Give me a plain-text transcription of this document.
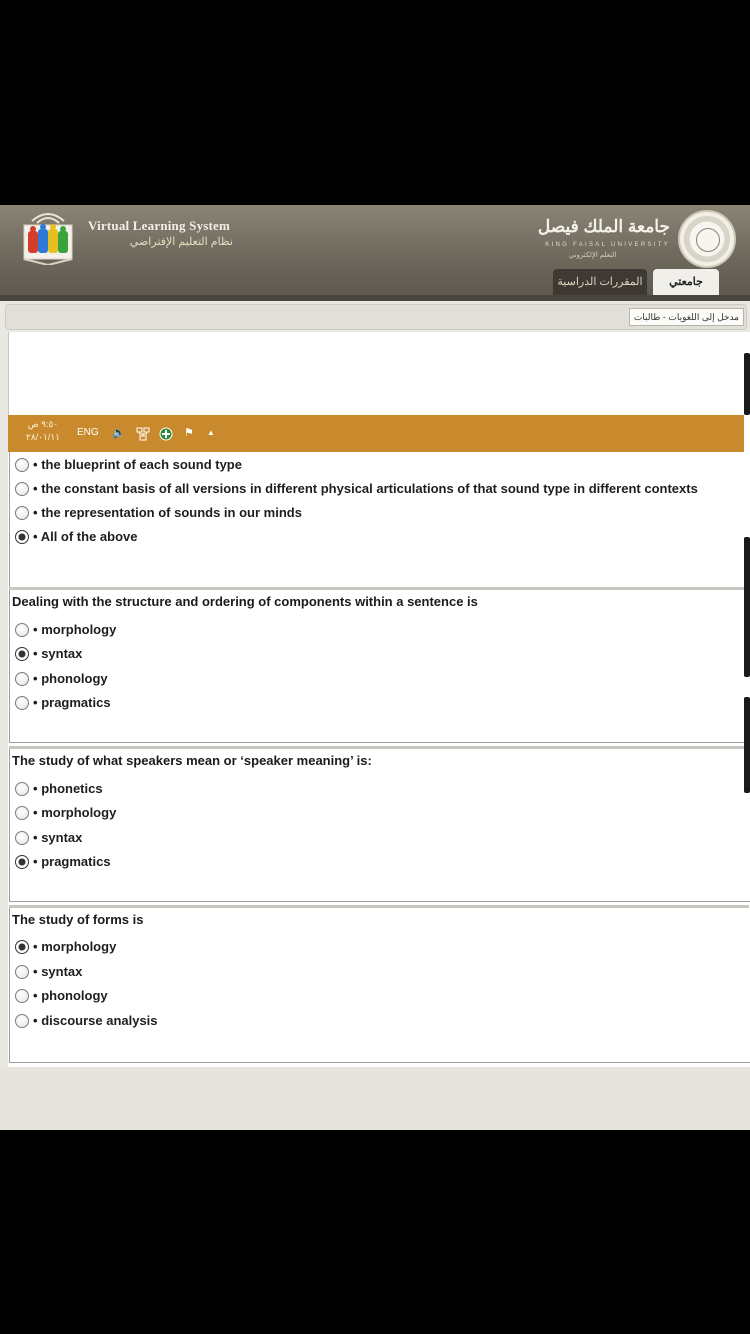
Virtual Learning System
نظام التعليم الإفتراضي
جامعة الملك فيصل
KING FAISAL UNIVERSITY
التعلم الإلكتروني
جامعتي
المقررات الدراسية
مدخل إلى اللغويات - طالبات
٩:٥٠ ص
٢٨/٠١/١١ ENG 🔈	⚑ ▲
• the blueprint of each sound type
• the constant basis of all versions in different physical articulations of that sound type in different contexts
• the representation of sounds in our minds
• All of the above
Dealing with the structure and ordering of components within a sentence is
• morphology
• syntax
• phonology
• pragmatics
The study of what speakers mean or ‘speaker meaning’ is:
• phonetics
• morphology
• syntax
• pragmatics
The study of forms is
• morphology
• syntax
• phonology
• discourse analysis
